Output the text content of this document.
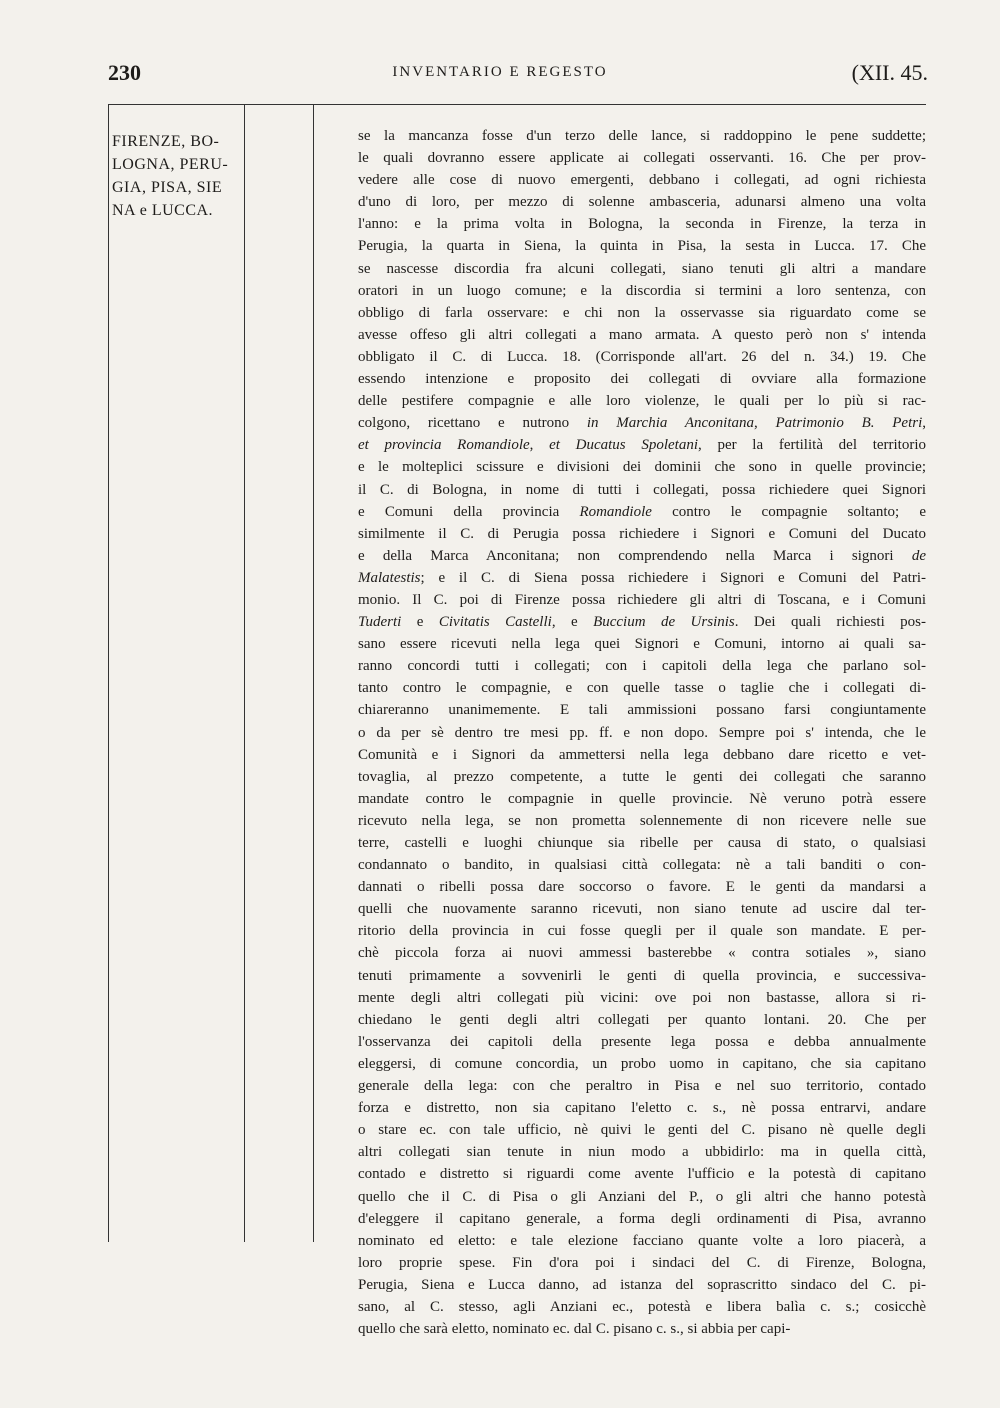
230	INVENTARIO E REGESTO	(XII. 45.
FIRENZE, BO-
LOGNA, PERU-
GIA, PISA, SIE
NA e LUCCA.
se la mancanza fosse d'un terzo delle lance, si raddoppino le pene suddette;
le quali dovranno essere applicate ai collegati osservanti. 16. Che per prov-
vedere alle cose di nuovo emergenti, debbano i collegati, ad ogni richiesta
d'uno di loro, per mezzo di solenne ambasceria, adunarsi almeno una volta
l'anno: e la prima volta in Bologna, la seconda in Firenze, la terza in
Perugia, la quarta in Siena, la quinta in Pisa, la sesta in Lucca. 17. Che
se nascesse discordia fra alcuni collegati, siano tenuti gli altri a mandare
oratori in un luogo comune; e la discordia si termini a loro sentenza, con
obbligo di farla osservare: e chi non la osservasse sia riguardato come se
avesse offeso gli altri collegati a mano armata. A questo però non s' intenda
obbligato il C. di Lucca. 18. (Corrisponde all'art. 26 del n. 34.) 19. Che
essendo intenzione e proposito dei collegati di ovviare alla formazione
delle pestifere compagnie e alle loro violenze, le quali per lo più si rac-
colgono, ricettano e nutrono in Marchia Anconitana, Patrimonio B. Petri,
et provincia Romandiole, et Ducatus Spoletani, per la fertilità del territorio
e le molteplici scissure e divisioni dei dominii che sono in quelle provincie;
il C. di Bologna, in nome di tutti i collegati, possa richiedere quei Signori
e Comuni della provincia Romandiole contro le compagnie soltanto; e
similmente il C. di Perugia possa richiedere i Signori e Comuni del Ducato
e della Marca Anconitana; non comprendendo nella Marca i signori de
Malatestis; e il C. di Siena possa richiedere i Signori e Comuni del Patri-
monio. Il C. poi di Firenze possa richiedere gli altri di Toscana, e i Comuni
Tuderti e Civitatis Castelli, e Buccium de Ursinis. Dei quali richiesti pos-
sano essere ricevuti nella lega quei Signori e Comuni, intorno ai quali sa-
ranno concordi tutti i collegati; con i capitoli della lega che parlano sol-
tanto contro le compagnie, e con quelle tasse o taglie che i collegati di-
chiareranno unanimemente. E tali ammissioni possano farsi congiuntamente
o da per sè dentro tre mesi pp. ff. e non dopo. Sempre poi s' intenda, che le
Comunità e i Signori da ammettersi nella lega debbano dare ricetto e vet-
tovaglia, al prezzo competente, a tutte le genti dei collegati che saranno
mandate contro le compagnie in quelle provincie. Nè veruno potrà essere
ricevuto nella lega, se non prometta solennemente di non ricevere nelle sue
terre, castelli e luoghi chiunque sia ribelle per causa di stato, o qualsiasi
condannato o bandito, in qualsiasi città collegata: nè a tali banditi o con-
dannati o ribelli possa dare soccorso o favore. E le genti da mandarsi a
quelli che nuovamente saranno ricevuti, non siano tenute ad uscire dal ter-
ritorio della provincia in cui fosse quegli per il quale son mandate. E per-
chè piccola forza ai nuovi ammessi basterebbe « contra sotiales », siano
tenuti primamente a sovvenirli le genti di quella provincia, e successiva-
mente degli altri collegati più vicini: ove poi non bastasse, allora si ri-
chiedano le genti degli altri collegati per quanto lontani. 20. Che per
l'osservanza dei capitoli della presente lega possa e debba annualmente
eleggersi, di comune concordia, un probo uomo in capitano, che sia capitano
generale della lega: con che peraltro in Pisa e nel suo territorio, contado
forza e distretto, non sia capitano l'eletto c. s., nè possa entrarvi, andare
o stare ec. con tale ufficio, nè quivi le genti del C. pisano nè quelle degli
altri collegati sian tenute in niun modo a ubbidirlo: ma in quella città,
contado e distretto si riguardi come avente l'ufficio e la potestà di capitano
quello che il C. di Pisa o gli Anziani del P., o gli altri che hanno potestà
d'eleggere il capitano generale, a forma degli ordinamenti di Pisa, avranno
nominato ed eletto: e tale elezione facciano quante volte a loro piacerà, a
loro proprie spese. Fin d'ora poi i sindaci del C. di Firenze, Bologna,
Perugia, Siena e Lucca danno, ad istanza del soprascritto sindaco del C. pi-
sano, al C. stesso, agli Anziani ec., potestà e libera balìa c. s.; cosicchè
quello che sarà eletto, nominato ec. dal C. pisano c. s., si abbia per capi-
